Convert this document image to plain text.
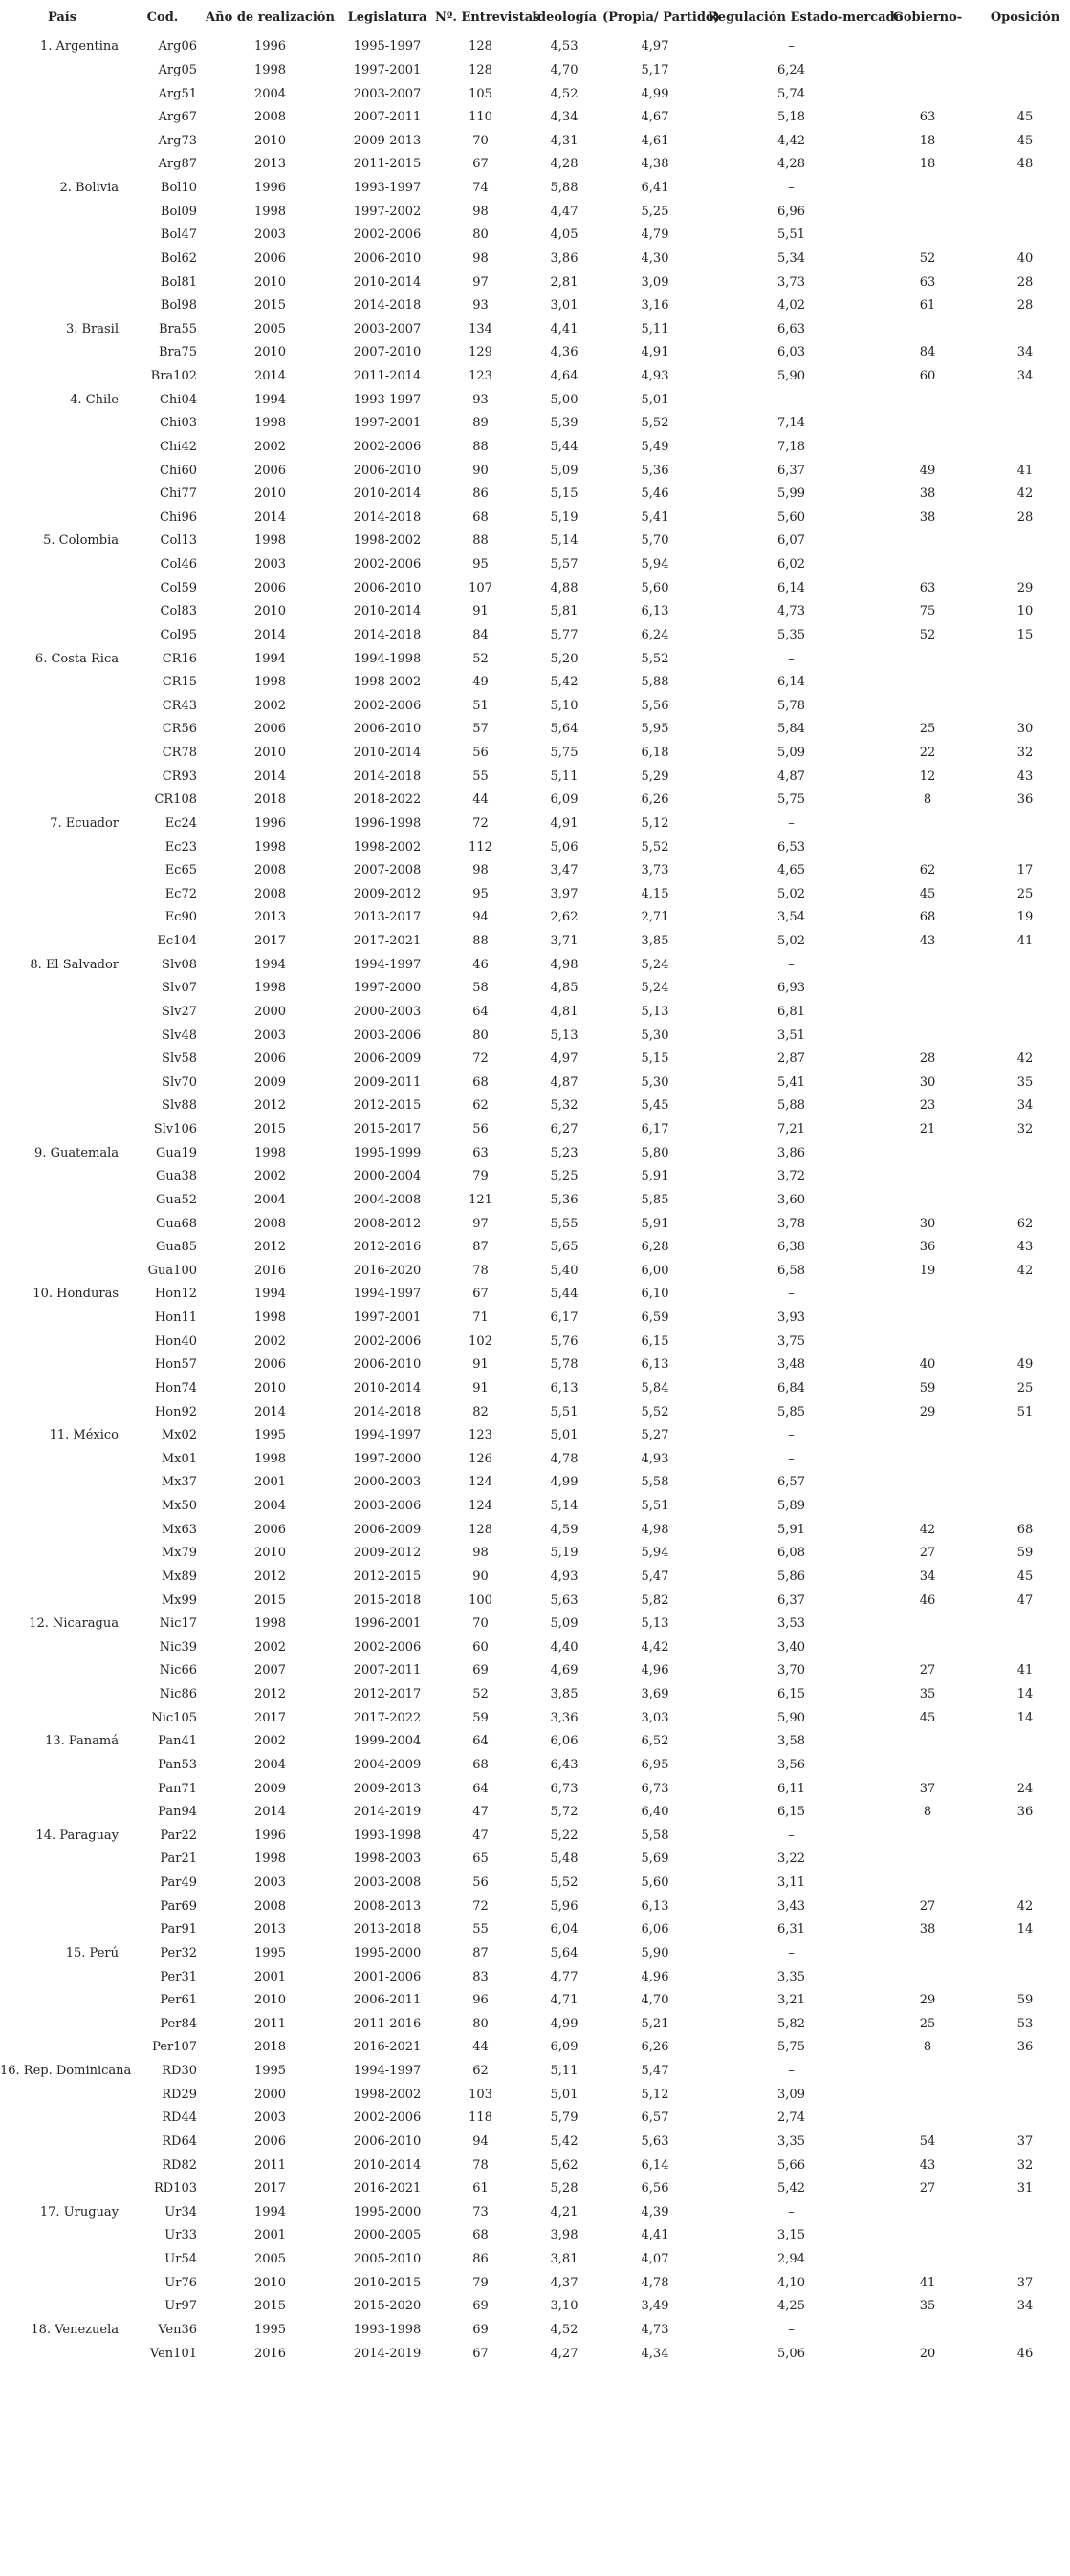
País	Cod.	Año de realización	Legislatura	Nº. Entrevistas	Ideología	(Propia/ Partido)	Regulación Estado-mercado	Gobierno-	Oposición
1. Argentina	Arg06	1996	1995-1997	128	4,53	4,97	–		
	Arg05	1998	1997-2001	128	4,70	5,17	6,24		
	Arg51	2004	2003-2007	105	4,52	4,99	5,74		
	Arg67	2008	2007-2011	110	4,34	4,67	5,18	63	45
	Arg73	2010	2009-2013	70	4,31	4,61	4,42	18	45
	Arg87	2013	2011-2015	67	4,28	4,38	4,28	18	48
2. Bolivia	Bol10	1996	1993-1997	74	5,88	6,41	–		
	Bol09	1998	1997-2002	98	4,47	5,25	6,96		
	Bol47	2003	2002-2006	80	4,05	4,79	5,51		
	Bol62	2006	2006-2010	98	3,86	4,30	5,34	52	40
	Bol81	2010	2010-2014	97	2,81	3,09	3,73	63	28
	Bol98	2015	2014-2018	93	3,01	3,16	4,02	61	28
3. Brasil	Bra55	2005	2003-2007	134	4,41	5,11	6,63		
	Bra75	2010	2007-2010	129	4,36	4,91	6,03	84	34
	Bra102	2014	2011-2014	123	4,64	4,93	5,90	60	34
4. Chile	Chi04	1994	1993-1997	93	5,00	5,01	–		
	Chi03	1998	1997-2001	89	5,39	5,52	7,14		
	Chi42	2002	2002-2006	88	5,44	5,49	7,18		
	Chi60	2006	2006-2010	90	5,09	5,36	6,37	49	41
	Chi77	2010	2010-2014	86	5,15	5,46	5,99	38	42
	Chi96	2014	2014-2018	68	5,19	5,41	5,60	38	28
5. Colombia	Col13	1998	1998-2002	88	5,14	5,70	6,07		
	Col46	2003	2002-2006	95	5,57	5,94	6,02		
	Col59	2006	2006-2010	107	4,88	5,60	6,14	63	29
	Col83	2010	2010-2014	91	5,81	6,13	4,73	75	10
	Col95	2014	2014-2018	84	5,77	6,24	5,35	52	15
6. Costa Rica	CR16	1994	1994-1998	52	5,20	5,52	–		
	CR15	1998	1998-2002	49	5,42	5,88	6,14		
	CR43	2002	2002-2006	51	5,10	5,56	5,78		
	CR56	2006	2006-2010	57	5,64	5,95	5,84	25	30
	CR78	2010	2010-2014	56	5,75	6,18	5,09	22	32
	CR93	2014	2014-2018	55	5,11	5,29	4,87	12	43
	CR108	2018	2018-2022	44	6,09	6,26	5,75	8	36
7. Ecuador	Ec24	1996	1996-1998	72	4,91	5,12	–		
	Ec23	1998	1998-2002	112	5,06	5,52	6,53		
	Ec65	2008	2007-2008	98	3,47	3,73	4,65	62	17
	Ec72	2008	2009-2012	95	3,97	4,15	5,02	45	25
	Ec90	2013	2013-2017	94	2,62	2,71	3,54	68	19
	Ec104	2017	2017-2021	88	3,71	3,85	5,02	43	41
8. El Salvador	Slv08	1994	1994-1997	46	4,98	5,24	–		
	Slv07	1998	1997-2000	58	4,85	5,24	6,93		
	Slv27	2000	2000-2003	64	4,81	5,13	6,81		
	Slv48	2003	2003-2006	80	5,13	5,30	3,51		
	Slv58	2006	2006-2009	72	4,97	5,15	2,87	28	42
	Slv70	2009	2009-2011	68	4,87	5,30	5,41	30	35
	Slv88	2012	2012-2015	62	5,32	5,45	5,88	23	34
	Slv106	2015	2015-2017	56	6,27	6,17	7,21	21	32
9. Guatemala	Gua19	1998	1995-1999	63	5,23	5,80	3,86		
	Gua38	2002	2000-2004	79	5,25	5,91	3,72		
	Gua52	2004	2004-2008	121	5,36	5,85	3,60		
	Gua68	2008	2008-2012	97	5,55	5,91	3,78	30	62
	Gua85	2012	2012-2016	87	5,65	6,28	6,38	36	43
	Gua100	2016	2016-2020	78	5,40	6,00	6,58	19	42
10. Honduras	Hon12	1994	1994-1997	67	5,44	6,10	–		
	Hon11	1998	1997-2001	71	6,17	6,59	3,93		
	Hon40	2002	2002-2006	102	5,76	6,15	3,75		
	Hon57	2006	2006-2010	91	5,78	6,13	3,48	40	49
	Hon74	2010	2010-2014	91	6,13	5,84	6,84	59	25
	Hon92	2014	2014-2018	82	5,51	5,52	5,85	29	51
11. México	Mx02	1995	1994-1997	123	5,01	5,27	–		
	Mx01	1998	1997-2000	126	4,78	4,93	–		
	Mx37	2001	2000-2003	124	4,99	5,58	6,57		
	Mx50	2004	2003-2006	124	5,14	5,51	5,89		
	Mx63	2006	2006-2009	128	4,59	4,98	5,91	42	68
	Mx79	2010	2009-2012	98	5,19	5,94	6,08	27	59
	Mx89	2012	2012-2015	90	4,93	5,47	5,86	34	45
	Mx99	2015	2015-2018	100	5,63	5,82	6,37	46	47
12. Nicaragua	Nic17	1998	1996-2001	70	5,09	5,13	3,53		
	Nic39	2002	2002-2006	60	4,40	4,42	3,40		
	Nic66	2007	2007-2011	69	4,69	4,96	3,70	27	41
	Nic86	2012	2012-2017	52	3,85	3,69	6,15	35	14
	Nic105	2017	2017-2022	59	3,36	3,03	5,90	45	14
13. Panamá	Pan41	2002	1999-2004	64	6,06	6,52	3,58		
	Pan53	2004	2004-2009	68	6,43	6,95	3,56		
	Pan71	2009	2009-2013	64	6,73	6,73	6,11	37	24
	Pan94	2014	2014-2019	47	5,72	6,40	6,15	8	36
14. Paraguay	Par22	1996	1993-1998	47	5,22	5,58	–		
	Par21	1998	1998-2003	65	5,48	5,69	3,22		
	Par49	2003	2003-2008	56	5,52	5,60	3,11		
	Par69	2008	2008-2013	72	5,96	6,13	3,43	27	42
	Par91	2013	2013-2018	55	6,04	6,06	6,31	38	14
15. Perú	Per32	1995	1995-2000	87	5,64	5,90	–		
	Per31	2001	2001-2006	83	4,77	4,96	3,35		
	Per61	2010	2006-2011	96	4,71	4,70	3,21	29	59
	Per84	2011	2011-2016	80	4,99	5,21	5,82	25	53
	Per107	2018	2016-2021	44	6,09	6,26	5,75	8	36
16. Rep. Dominicana	RD30	1995	1994-1997	62	5,11	5,47	–		
	RD29	2000	1998-2002	103	5,01	5,12	3,09		
	RD44	2003	2002-2006	118	5,79	6,57	2,74		
	RD64	2006	2006-2010	94	5,42	5,63	3,35	54	37
	RD82	2011	2010-2014	78	5,62	6,14	5,66	43	32
	RD103	2017	2016-2021	61	5,28	6,56	5,42	27	31
17. Uruguay	Ur34	1994	1995-2000	73	4,21	4,39	–		
	Ur33	2001	2000-2005	68	3,98	4,41	3,15		
	Ur54	2005	2005-2010	86	3,81	4,07	2,94		
	Ur76	2010	2010-2015	79	4,37	4,78	4,10	41	37
	Ur97	2015	2015-2020	69	3,10	3,49	4,25	35	34
18. Venezuela	Ven36	1995	1993-1998	69	4,52	4,73	–		
	Ven101	2016	2014-2019	67	4,27	4,34	5,06	20	46
